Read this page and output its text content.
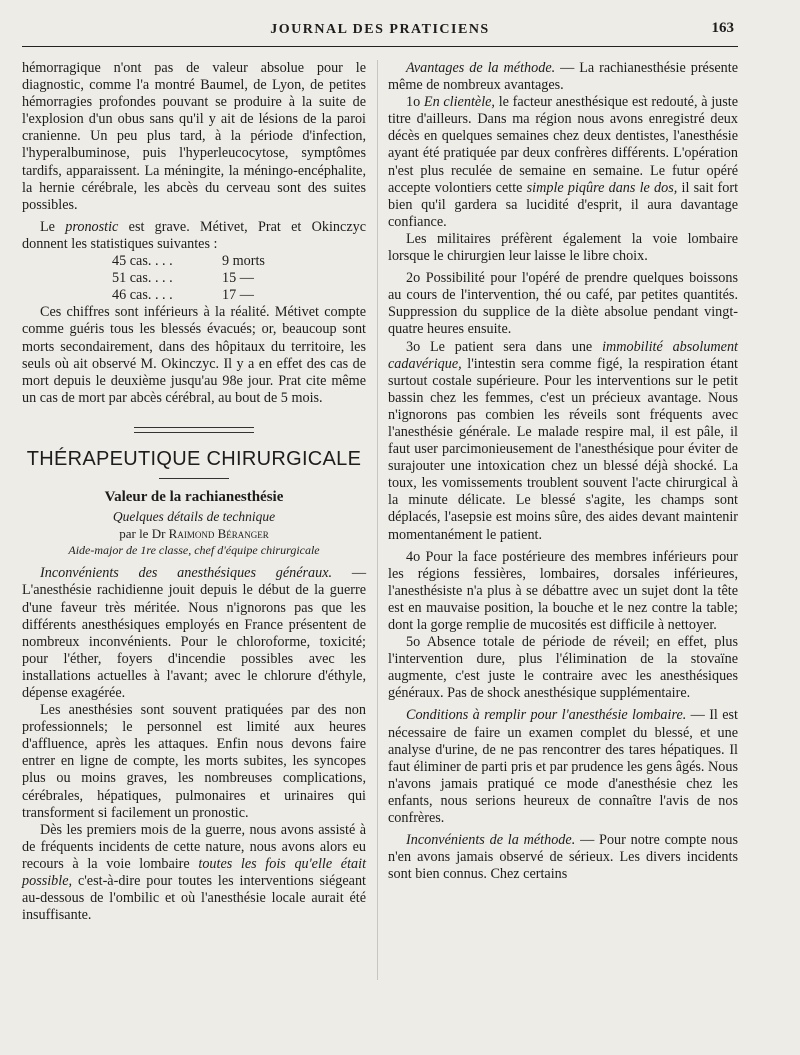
JOURNAL DES PRATICIENS	163

hémorragique n'ont pas de valeur absolue pour le diagnostic, comme l'a montré Baumel, de Lyon, de petites hémorragies profondes pouvant se produire à la suite de l'explosion d'un obus sans qu'il y ait de lésions de la paroi cranienne. Un peu plus tard, à la période d'infection, l'hyperalbuminose, puis l'hyperleucocytose, symptômes tardifs, apparaissent. La méningite, la méningo-encéphalite, la hernie cérébrale, les abcès du cerveau sont des suites possibles.

Le pronostic est grave. Métivet, Prat et Okinczyc donnent les statistiques suivantes :

45 cas. . . .	9 morts
51 cas. . . .	15 —
46 cas. . . .	17 —

Ces chiffres sont inférieurs à la réalité. Métivet compte comme guéris tous les blessés évacués; or, beaucoup sont morts secondairement, dans des hôpitaux du territoire, les seuls où ait observé M. Okinczyc. Il y a en effet des cas de mort depuis le deuxième jusqu'au 98e jour. Prat cite même un cas de mort par abcès cérébral, au bout de 5 mois.

THÉRAPEUTIQUE CHIRURGICALE
Valeur de la rachianesthésie
Quelques détails de technique
par le Dr Raimond Béranger
Aide-major de 1re classe, chef d'équipe chirurgicale

Inconvénients des anesthésiques généraux. — L'anesthésie rachidienne jouit depuis le début de la guerre d'une faveur très méritée. Nous n'ignorons pas que les différents anesthésiques employés en France présentent de nombreux inconvénients. Pour le chloroforme, toxicité; pour l'éther, foyers d'incendie possibles avec les installations actuelles à l'avant; avec le chlorure d'éthyle, dépense exagérée.

Les anesthésies sont souvent pratiquées par des non professionnels; le personnel est limité aux heures d'affluence, après les attaques. Enfin nous devons faire entrer en ligne de compte, les morts subites, les syncopes plus ou moins graves, les nombreuses complications, cérébrales, hépatiques, pulmonaires et urinaires qui transforment si facilement un pronostic.

Dès les premiers mois de la guerre, nous avons assisté à de fréquents incidents de cette nature, nous avons alors eu recours à la voie lombaire toutes les fois qu'elle était possible, c'est-à-dire pour toutes les interventions siégeant au-dessous de l'ombilic et où l'anesthésie locale aurait été insuffisante.

Avantages de la méthode. — La rachianesthésie présente même de nombreux avantages.

1o En clientèle, le facteur anesthésique est redouté, à juste titre d'ailleurs. Dans ma région nous avons enregistré deux décès en quelques semaines chez deux dentistes, l'anesthésie ayant été pratiquée par deux confrères différents. L'opération n'est plus reculée de semaine en semaine. Le futur opéré accepte volontiers cette simple piqûre dans le dos, il sait fort bien qu'il gardera sa lucidité d'esprit, il aura davantage confiance.

Les militaires préfèrent également la voie lombaire lorsque le chirurgien leur laisse le libre choix.

2o Possibilité pour l'opéré de prendre quelques boissons au cours de l'intervention, thé ou café, par petites quantités. Suppression du supplice de la diète absolue pendant vingt-quatre heures ensuite.

3o Le patient sera dans une immobilité absolument cadavérique, l'intestin sera comme figé, la respiration étant surtout costale supérieure. Pour les interventions sur le petit bassin chez les femmes, c'est un précieux avantage. Nous n'ignorons pas combien les réveils sont fréquents avec l'anesthésie générale. Le malade respire mal, il est pâle, il faut user parcimonieusement de l'anesthésique pour éviter de surajouter une intoxication chez un blessé déjà shocké. La toux, les vomissements troublent souvent l'acte chirurgical à la minute délicate. Le blessé s'agite, les champs sont déplacés, l'asepsie est moins sûre, des aides devant maintenir momentanément le patient.

4o Pour la face postérieure des membres inférieurs pour les régions fessières, lombaires, dorsales inférieures, l'anesthésiste n'a plus à se débattre avec un sujet dont la tête est en mauvaise position, la bouche et le nez contre la table; dont la gorge remplie de mucosités est difficile à nettoyer.

5o Absence totale de période de réveil; en effet, plus l'intervention dure, plus l'élimination de la stovaïne augmente, c'est juste le contraire avec les anesthésiques généraux. Pas de shock anesthésique supplémentaire.

Conditions à remplir pour l'anesthésie lombaire. — Il est nécessaire de faire un examen complet du blessé, et une analyse d'urine, de ne pas rencontrer des tares hépatiques. Il faut éliminer de parti pris et par prudence les gens âgés. Nous n'avons jamais pratiqué ce mode d'anesthésie chez les enfants, nous serions heureux de connaître l'avis de nos confrères.

Inconvénients de la méthode. — Pour notre compte nous n'en avons jamais observé de sérieux. Les divers incidents sont bien connus. Chez certains
